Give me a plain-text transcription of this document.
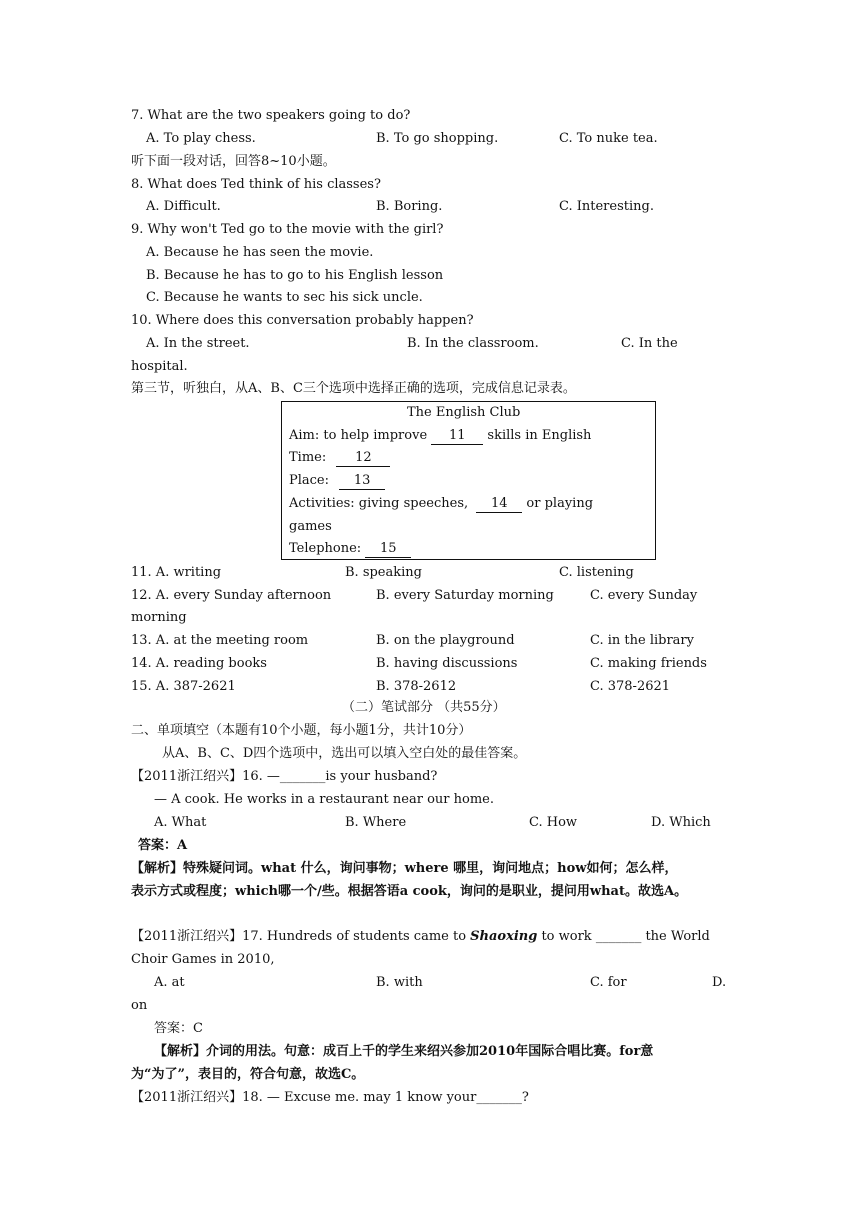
7. What are the two speakers going to do?
A. To play chess.	B. To go shopping.	C. To nuke tea.
听下面一段对话，回答8~10小题。
8. What does Ted think of his classes?
A. Difficult.	B. Boring.	C. Interesting.
9. Why won't Ted go to the movie with the girl?
A. Because he has seen the movie.
B. Because he has to go to his English lesson
C. Because he wants to sec his sick uncle.
10. Where does this conversation probably happen?
A. In the street.	B. In the classroom.	C. In the
hospital.
第三节，听独白，从A、B、C三个选项中选择正确的选项，完成信息记录表。
The English Club
Aim: to help improve 11 skills in English
Time: 12
Place: 13
Activities: giving speeches, 14 or playing
games
Telephone: 15
11. A. writing	B. speaking	C. listening
12. A. every Sunday afternoon	B. every Saturday morning	C. every Sunday
morning
13. A. at the meeting room	B. on the playground	C. in the library
14. A. reading books	B. having discussions	C. making friends
15. A. 387-2621	B. 378-2612	C. 378-2621
（二）笔试部分 （共55分）
二、单项填空（本题有10个小题，每小题1分，共计10分）
从A、B、C、D四个选项中，选出可以填入空白处的最佳答案。
【2011浙江绍兴】16. —_______is your husband?
— A cook. He works in a restaurant near our home.
A. What	B. Where	C. How	D. Which
答案：A
【解析】特殊疑问词。what 什么，询问事物；where 哪里，询问地点；how如何；怎么样，
表示方式或程度；which哪一个/些。根据答语a cook，询问的是职业，提问用what。故选A。
【2011浙江绍兴】17. Hundreds of students came to Shaoxing to work _______ the World
Choir Games in 2010,
A. at	B. with	C. for	D.
on
答案：C
【解析】介词的用法。句意：成百上千的学生来绍兴参加2010年国际合唱比赛。for意
为“为了”，表目的，符合句意，故选C。
【2011浙江绍兴】18. — Excuse me. may 1 know your_______?
